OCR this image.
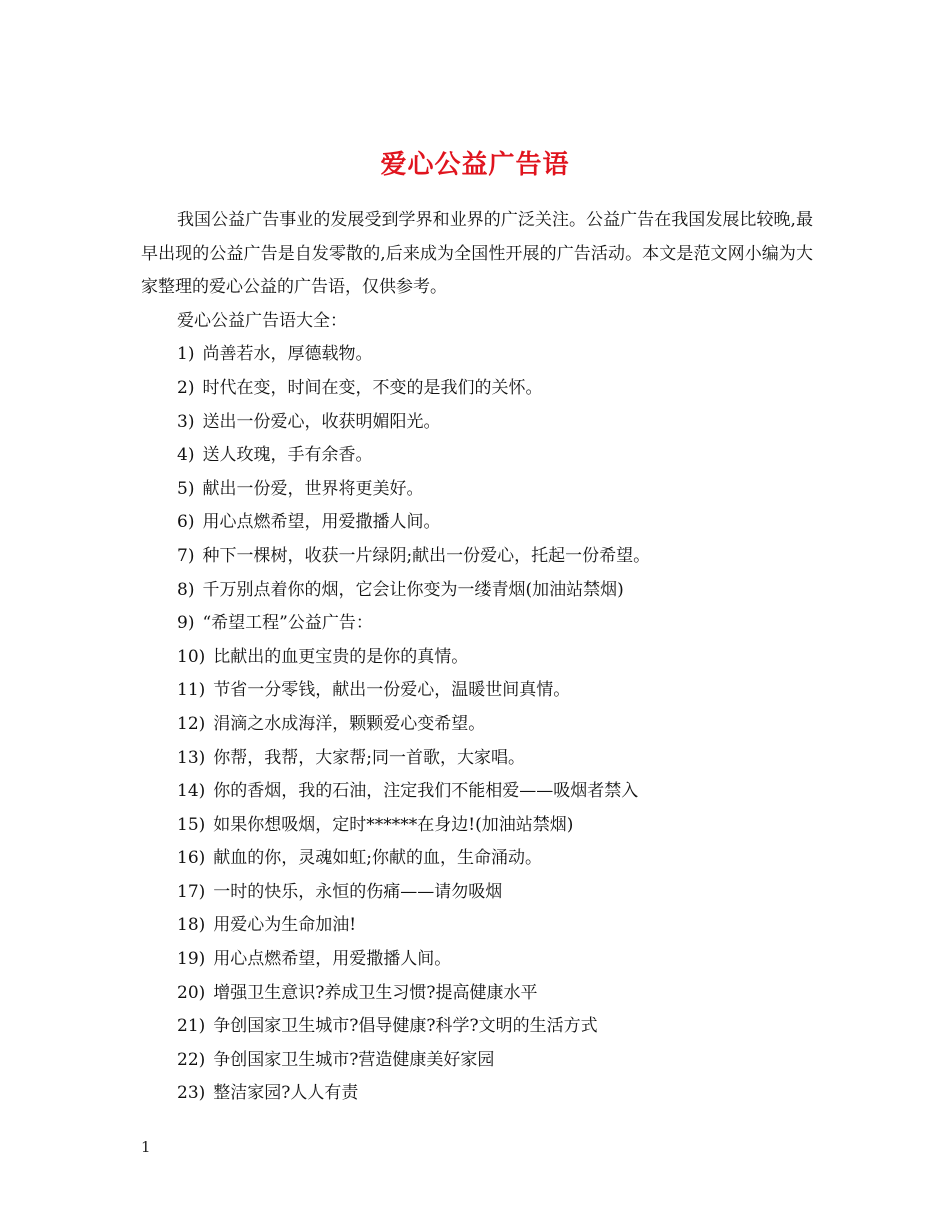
爱心公益广告语

我国公益广告事业的发展受到学界和业界的广泛关注。公益广告在我国发展比较晚,最早出现的公益广告是自发零散的,后来成为全国性开展的广告活动。本文是范文网小编为大家整理的爱心公益的广告语，仅供参考。

爱心公益广告语大全：

1) 尚善若水，厚德载物。
2) 时代在变，时间在变，不变的是我们的关怀。
3) 送出一份爱心，收获明媚阳光。
4) 送人玫瑰，手有余香。
5) 献出一份爱，世界将更美好。
6) 用心点燃希望，用爱撒播人间。
7) 种下一棵树，收获一片绿阴;献出一份爱心，托起一份希望。
8) 千万别点着你的烟，它会让你变为一缕青烟(加油站禁烟)
9) “希望工程”公益广告：
10) 比献出的血更宝贵的是你的真情。
11) 节省一分零钱，献出一份爱心，温暖世间真情。
12) 涓滴之水成海洋，颗颗爱心变希望。
13) 你帮，我帮，大家帮;同一首歌，大家唱。
14) 你的香烟，我的石油，注定我们不能相爱——吸烟者禁入
15) 如果你想吸烟，定时******在身边!(加油站禁烟)
16) 献血的你，灵魂如虹;你献的血，生命涌动。
17) 一时的快乐，永恒的伤痛——请勿吸烟
18) 用爱心为生命加油!
19) 用心点燃希望，用爱撒播人间。
20) 增强卫生意识?养成卫生习惯?提高健康水平
21) 争创国家卫生城市?倡导健康?科学?文明的生活方式
22) 争创国家卫生城市?营造健康美好家园
23) 整洁家园?人人有责
1
